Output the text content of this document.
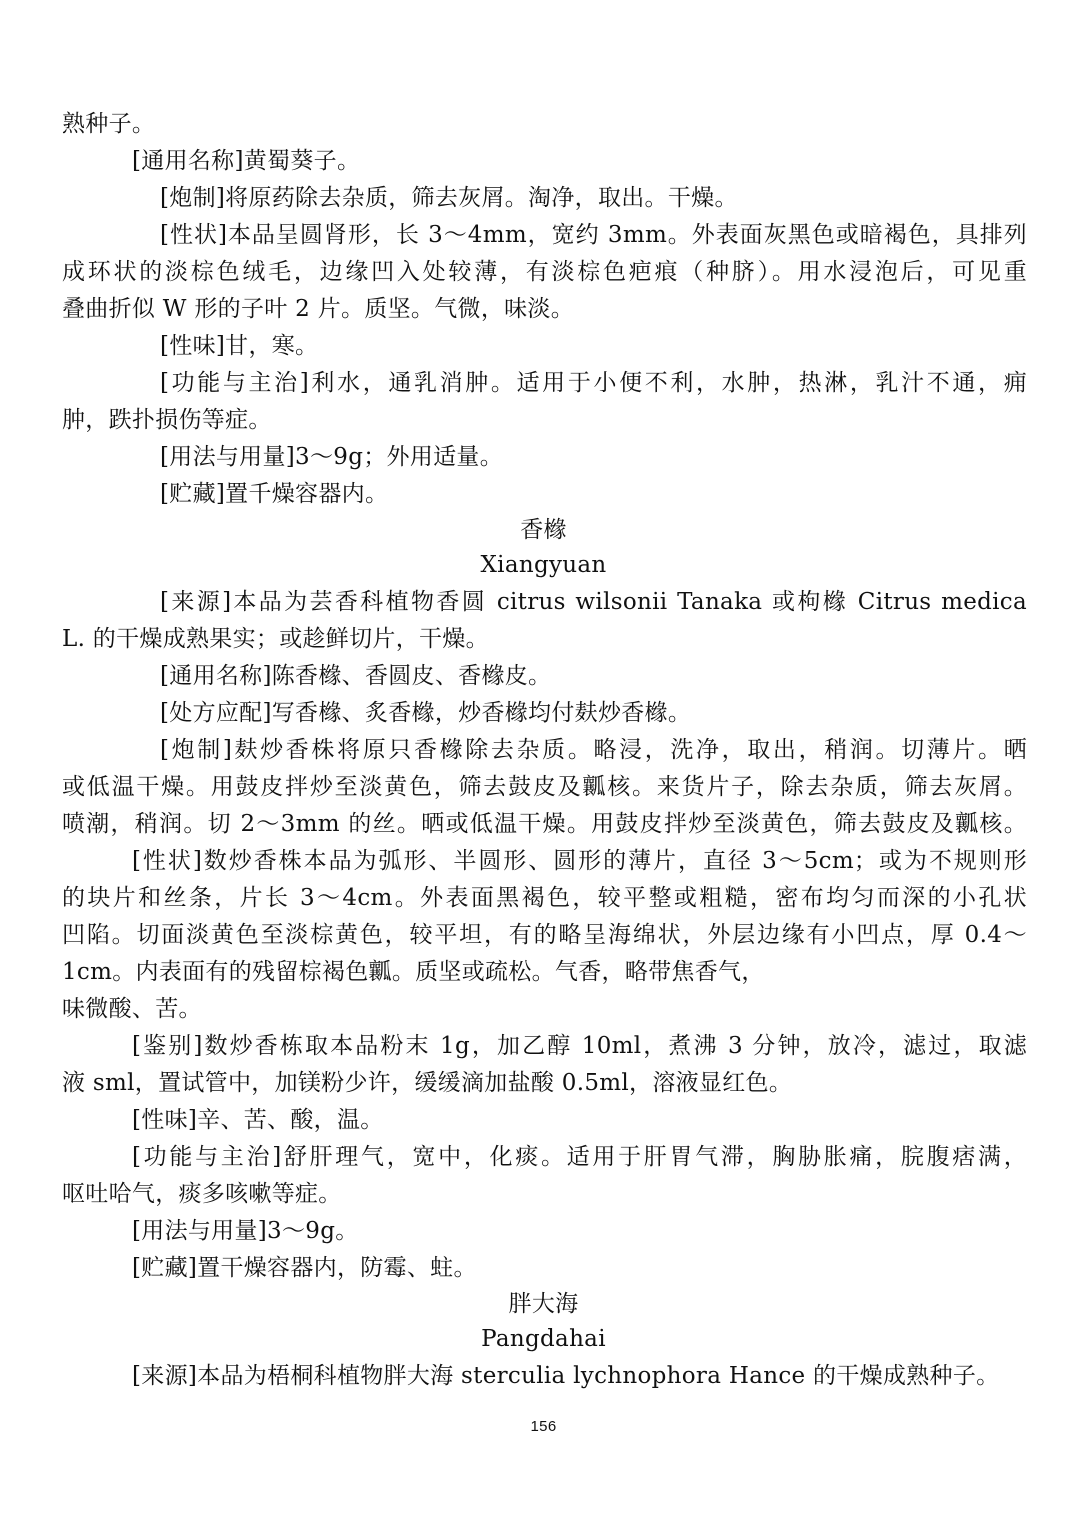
熟种子。
[通用名称]黄蜀葵子。
[炮制]将原药除去杂质，筛去灰屑。淘净，取出。干燥。
[性状]本品呈圆肾形，长 3～4mm，宽约 3mm。外表面灰黑色或暗褐色，具排列
成环状的淡棕色绒毛，边缘凹入处较薄，有淡棕色疤痕（种脐）。用水浸泡后，可见重
叠曲折似 W 形的子叶 2 片。质坚。气微，味淡。
[性味]甘，寒。
[功能与主治]利水，通乳消肿。适用于小便不利，水肿，热淋，乳汁不通，痈
肿，跌扑损伤等症。
[用法与用量]3～9g；外用适量。
[贮藏]置千燥容器内。
香橼
Xiangyuan
[来源]本品为芸香科植物香圆 citrus wilsonii Tanaka 或枸橼 Citrus medica
L. 的干燥成熟果实；或趁鲜切片，干燥。
[通用名称]陈香橼、香圆皮、香橼皮。
[处方应配]写香橼、炙香橼，炒香橼均付麸炒香橼。
[炮制]麸炒香株将原只香橼除去杂质。略浸，洗净，取出，稍润。切薄片。晒
或低温干燥。用鼓皮拌炒至淡黄色，筛去鼓皮及瓤核。来货片子，除去杂质，筛去灰屑。
喷潮，稍润。切 2～3mm 的丝。晒或低温干燥。用鼓皮拌炒至淡黄色，筛去鼓皮及瓤核。
[性状]数炒香株本品为弧形、半圆形、圆形的薄片，直径 3～5cm；或为不规则形
的块片和丝条，片长 3～4cm。外表面黑褐色，较平整或粗糙，密布均匀而深的小孔状
凹陷。切面淡黄色至淡棕黄色，较平坦，有的略呈海绵状，外层边缘有小凹点，厚 0.4～
1cm。内表面有的残留棕褐色瓤。质坚或疏松。气香，略带焦香气，
味微酸、苦。
[鉴别]数炒香栋取本品粉末 1g，加乙醇 10ml，煮沸 3 分钟，放冷，滤过，取滤
液 sml，置试管中，加镁粉少许，缓缓滴加盐酸 0.5ml，溶液显红色。
[性味]辛、苦、酸，温。
[功能与主治]舒肝理气，宽中，化痰。适用于肝胃气滞，胸胁胀痛，脘腹痞满，
呕吐哈气，痰多咳嗽等症。
[用法与用量]3～9g。
[贮藏]置干燥容器内，防霉、蛀。
胖大海
Pangdahai
[来源]本品为梧桐科植物胖大海 sterculia lychnophora Hance 的干燥成熟种子。
156
